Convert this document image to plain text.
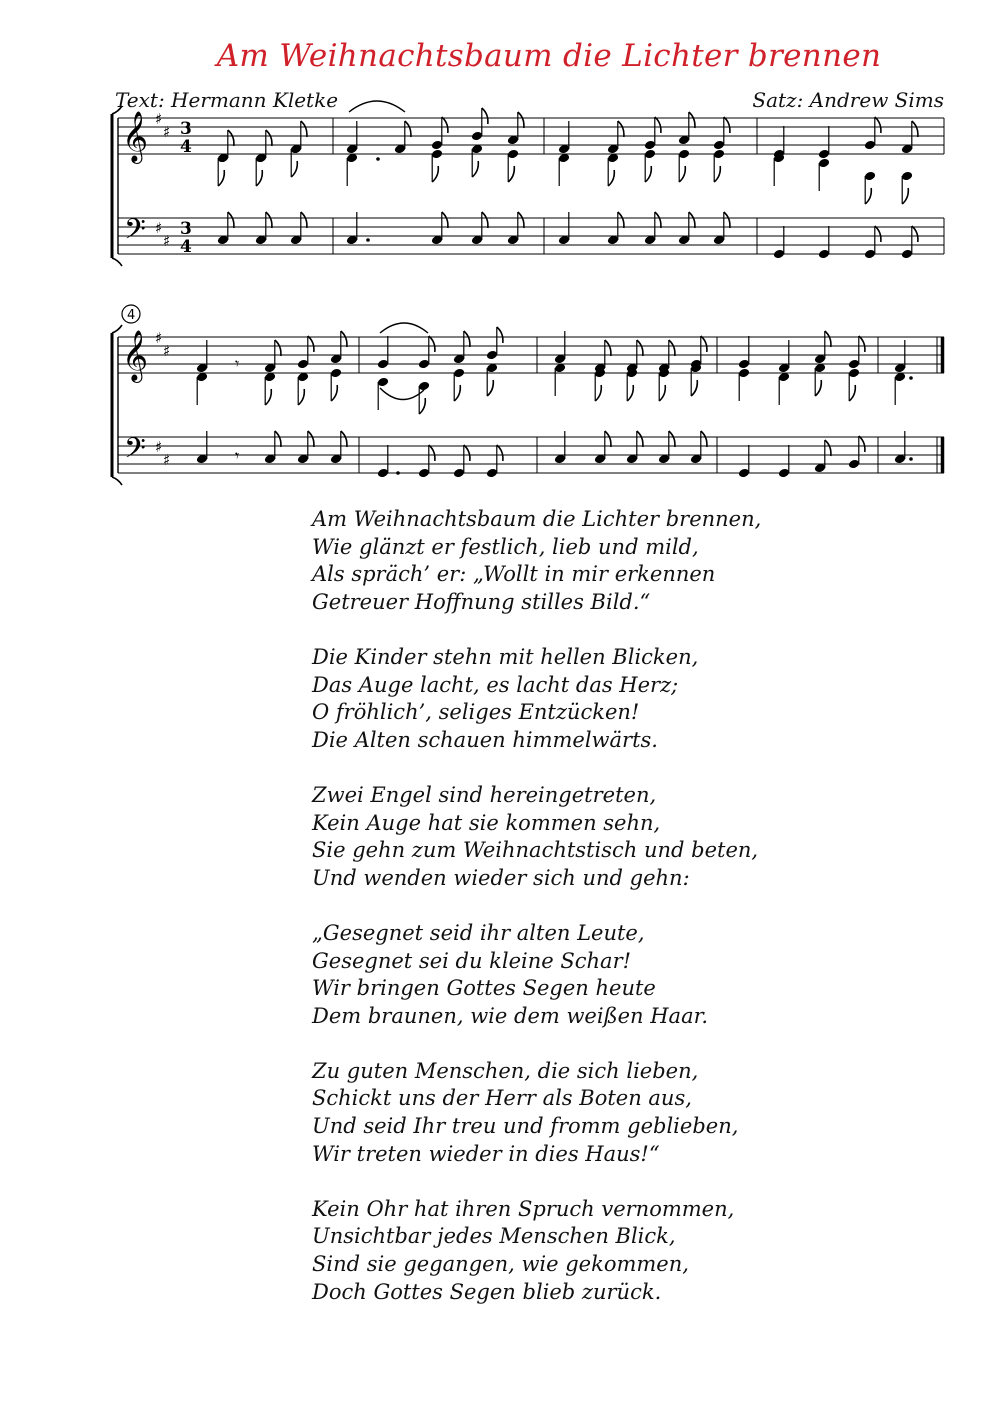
Am Weihnachtsbaum die Lichter brennen
Text: Hermann Kletke	Satz: Andrew Sims
𝄞
𝄢
♯
♯
♯
♯
3
4
3
4
𝄞
𝄢
♯
♯
♯
♯
4
𝄾
𝄾
Am Weihnachtsbaum die Lichter brennen,
Wie glänzt er festlich, lieb und mild,
Als spräch’ er: „Wollt in mir erkennen
Getreuer Hoffnung stilles Bild.“
Die Kinder stehn mit hellen Blicken,
Das Auge lacht, es lacht das Herz;
O fröhlich’, seliges Entzücken!
Die Alten schauen himmelwärts.
Zwei Engel sind hereingetreten,
Kein Auge hat sie kommen sehn,
Sie gehn zum Weihnachtstisch und beten,
Und wenden wieder sich und gehn:
„Gesegnet seid ihr alten Leute,
Gesegnet sei du kleine Schar!
Wir bringen Gottes Segen heute
Dem braunen, wie dem weißen Haar.
Zu guten Menschen, die sich lieben,
Schickt uns der Herr als Boten aus,
Und seid Ihr treu und fromm geblieben,
Wir treten wieder in dies Haus!“
Kein Ohr hat ihren Spruch vernommen,
Unsichtbar jedes Menschen Blick,
Sind sie gegangen, wie gekommen,
Doch Gottes Segen blieb zurück.
